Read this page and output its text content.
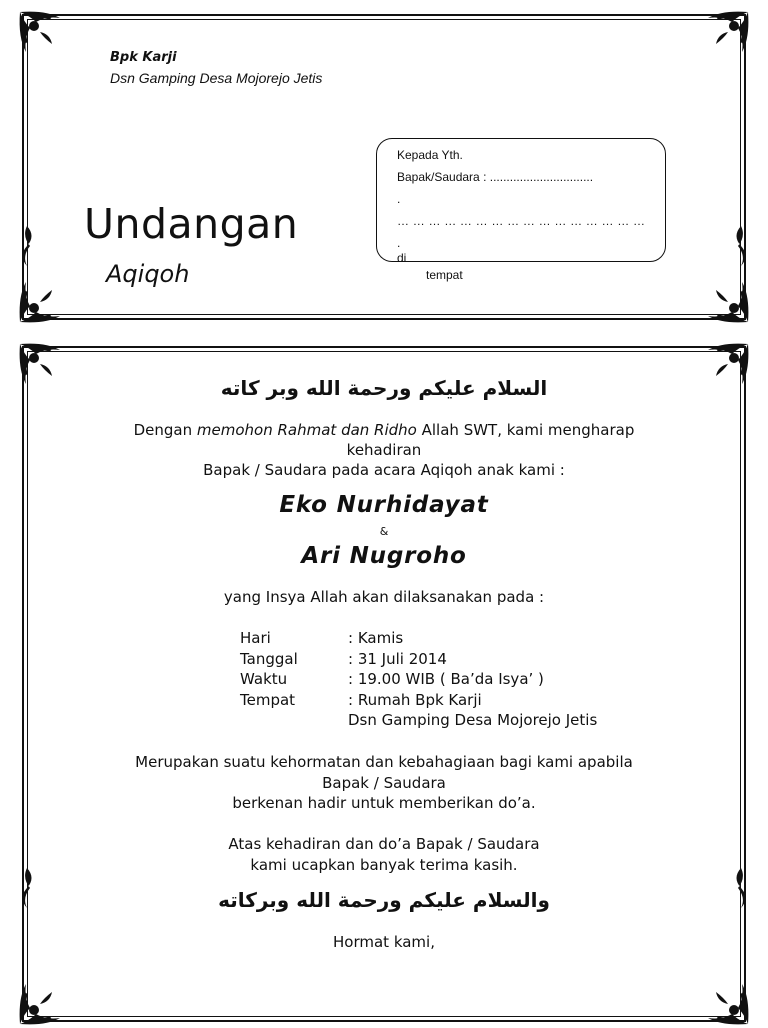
Bpk Karji
Dsn Gamping Desa Mojorejo Jetis
Undangan
Aqiqoh
Kepada Yth.
Bapak/Saudara : ...............................
.
… … … … … … … … … … … … … … … …
.
di
tempat
السلام عليكم ورحمة الله وبر كاته
Dengan memohon Rahmat dan Ridho Allah SWT, kami mengharap
kehadiran
Bapak / Saudara pada acara Aqiqoh anak kami :
Eko Nurhidayat
&
Ari Nugroho
yang Insya Allah akan dilaksanakan pada :
Hari	: Kamis
Tanggal	: 31 Juli 2014
Waktu	: 19.00 WIB ( Ba’da Isya’ )
Tempat	: Rumah Bpk Karji
Dsn Gamping Desa Mojorejo Jetis
Merupakan suatu kehormatan dan kebahagiaan bagi kami apabila
Bapak / Saudara
berkenan hadir untuk memberikan do’a.
Atas kehadiran dan do’a Bapak / Saudara
kami ucapkan banyak terima kasih.
والسلام عليكم ورحمة الله وبركاته
Hormat kami,
